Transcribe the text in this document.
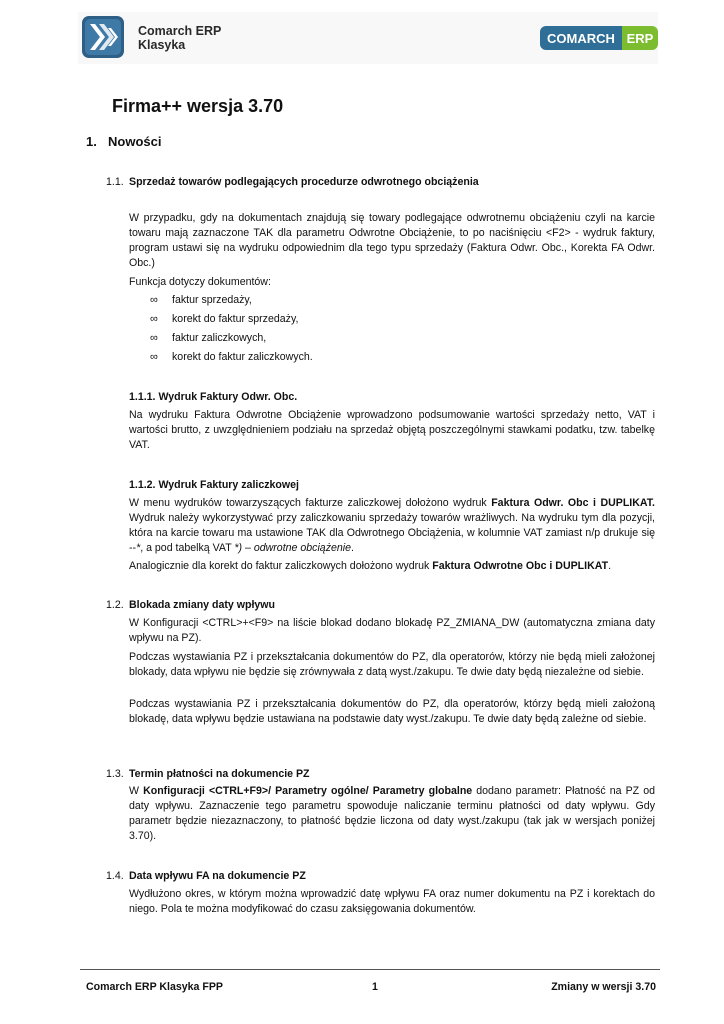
Comarch ERP
Klasyka	COMARCH ERP
Firma++ wersja 3.70
1. Nowości
1.1. Sprzedaż towarów podlegających procedurze odwrotnego obciążenia
W przypadku, gdy na dokumentach znajdują się towary podlegające odwrotnemu obciążeniu czyli na karcie towaru mają zaznaczone TAK dla parametru Odwrotne Obciążenie, to po naciśnięciu <F2> - wydruk faktury, program ustawi się na wydruku odpowiednim dla tego typu sprzedaży (Faktura Odwr. Obc., Korekta FA Odwr. Obc.)
Funkcja dotyczy dokumentów:
∞	faktur sprzedaży,
∞	korekt do faktur sprzedaży,
∞	faktur zaliczkowych,
∞	korekt do faktur zaliczkowych.
1.1.1. Wydruk Faktury Odwr. Obc.
Na wydruku Faktura Odwrotne Obciążenie wprowadzono podsumowanie wartości sprzedaży netto, VAT i wartości brutto, z uwzględnieniem podziału na sprzedaż objętą poszczególnymi stawkami podatku, tzw. tabelkę VAT.
1.1.2. Wydruk Faktury zaliczkowej
W menu wydruków towarzyszących fakturze zaliczkowej dołożono wydruk Faktura Odwr. Obc i DUPLIKAT. Wydruk należy wykorzystywać przy zaliczkowaniu sprzedaży towarów wrażliwych. Na wydruku tym dla pozycji, która na karcie towaru ma ustawione TAK dla Odwrotnego Obciążenia, w kolumnie VAT zamiast n/p drukuje się --*, a pod tabelką VAT *) – odwrotne obciążenie.
Analogicznie dla korekt do faktur zaliczkowych dołożono wydruk Faktura Odwrotne Obc i DUPLIKAT.
1.2. Blokada zmiany daty wpływu
W Konfiguracji <CTRL>+<F9> na liście blokad dodano blokadę PZ_ZMIANA_DW (automatyczna zmiana daty wpływu na PZ).
Podczas wystawiania PZ i przekształcania dokumentów do PZ, dla operatorów, którzy nie będą mieli założonej blokady, data wpływu nie będzie się zrównywała z datą wyst./zakupu. Te dwie daty będą niezależne od siebie.
Podczas wystawiania PZ i przekształcania dokumentów do PZ, dla operatorów, którzy będą mieli założoną blokadę, data wpływu będzie ustawiana na podstawie daty wyst./zakupu. Te dwie daty będą zależne od siebie.
1.3. Termin płatności na dokumencie PZ
W Konfiguracji <CTRL+F9>/ Parametry ogólne/ Parametry globalne dodano parametr: Płatność na PZ od daty wpływu. Zaznaczenie tego parametru spowoduje naliczanie terminu płatności od daty wpływu. Gdy parametr będzie niezaznaczony, to płatność będzie liczona od daty wyst./zakupu (tak jak w wersjach poniżej 3.70).
1.4. Data wpływu FA na dokumencie PZ
Wydłużono okres, w którym można wprowadzić datę wpływu FA oraz numer dokumentu na PZ i korektach do niego. Pola te można modyfikować do czasu zaksięgowania dokumentów.
Comarch ERP Klasyka FPP	1	Zmiany w wersji 3.70
